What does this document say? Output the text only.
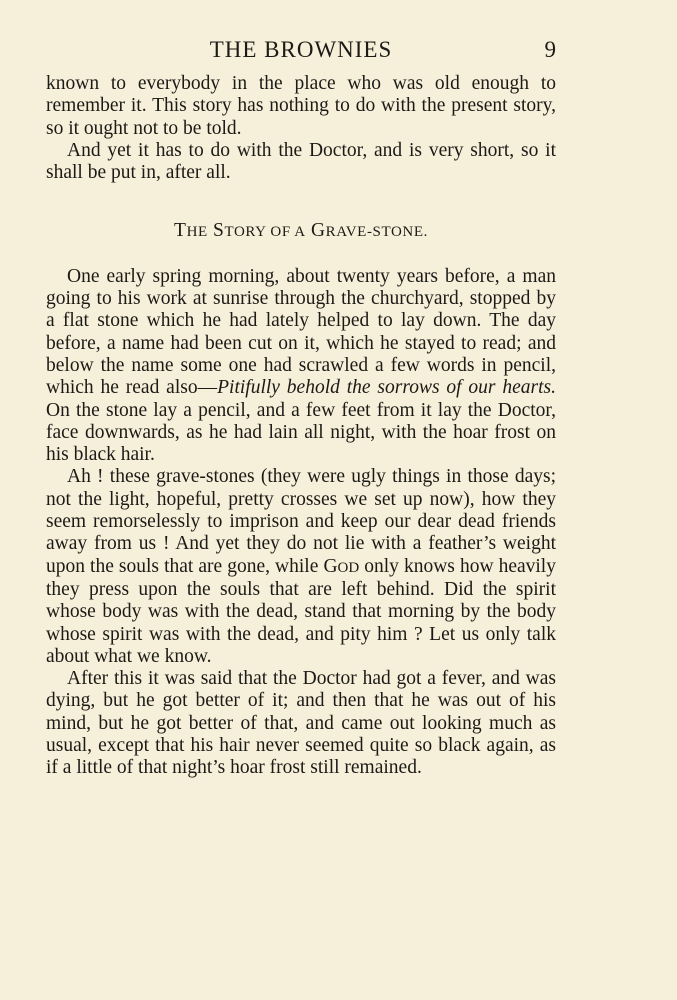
THE BROWNIES	9

known to everybody in the place who was old enough to remember it. This story has nothing to do with the present story, so it ought not to be told.

And yet it has to do with the Doctor, and is very short, so it shall be put in, after all.

THE STORY OF A GRAVE-STONE.

One early spring morning, about twenty years before, a man going to his work at sunrise through the churchyard, stopped by a flat stone which he had lately helped to lay down. The day before, a name had been cut on it, which he stayed to read; and below the name some one had scrawled a few words in pencil, which he read also—Pitifully behold the sorrows of our hearts. On the stone lay a pencil, and a few feet from it lay the Doctor, face downwards, as he had lain all night, with the hoar frost on his black hair.

Ah ! these grave-stones (they were ugly things in those days; not the light, hopeful, pretty crosses we set up now), how they seem remorselessly to imprison and keep our dear dead friends away from us ! And yet they do not lie with a feather’s weight upon the souls that are gone, while GOD only knows how heavily they press upon the souls that are left behind. Did the spirit whose body was with the dead, stand that morning by the body whose spirit was with the dead, and pity him ? Let us only talk about what we know.

After this it was said that the Doctor had got a fever, and was dying, but he got better of it; and then that he was out of his mind, but he got better of that, and came out looking much as usual, except that his hair never seemed quite so black again, as if a little of that night’s hoar frost still remained.
